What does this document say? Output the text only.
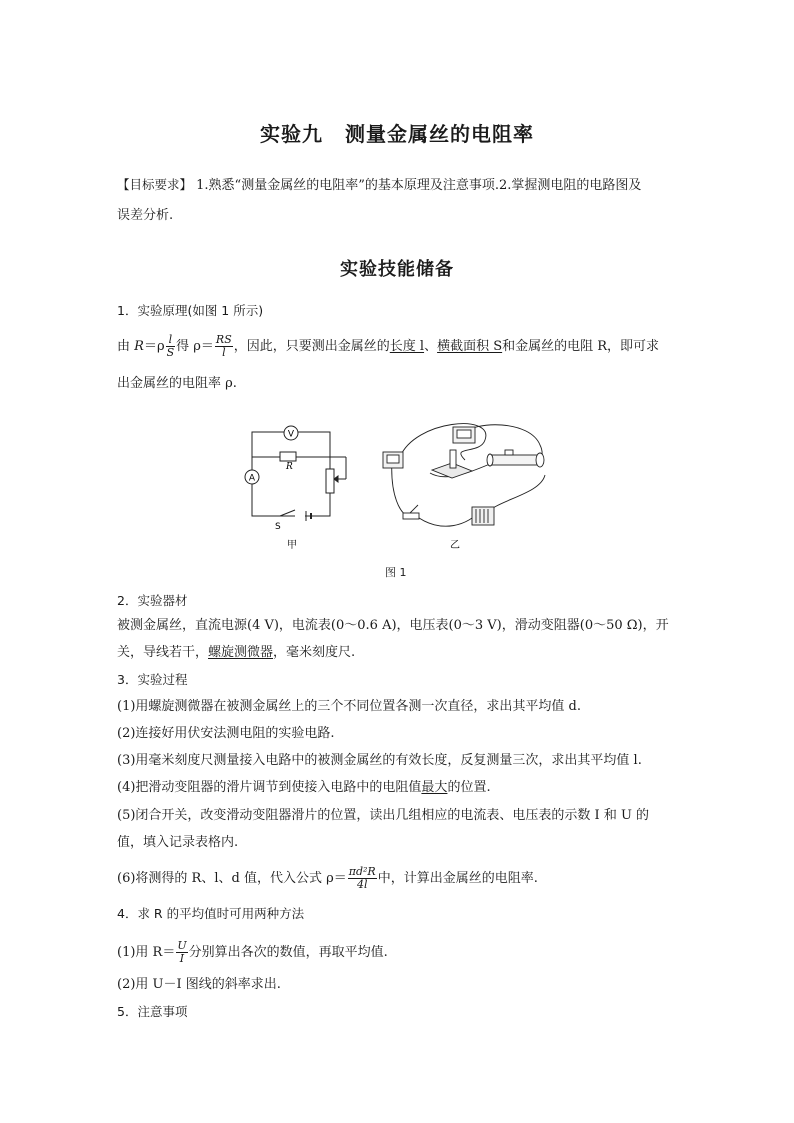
实验九 测量金属丝的电阻率
【目标要求】 1.熟悉“测量金属丝的电阻率”的基本原理及注意事项.2.掌握测电阻的电路图及
误差分析.
实验技能储备
1．实验原理(如图 1 所示)
由 $R=\rho \frac{l}{S}$ 得 $\rho= \frac{RS}{l}$ ，因此，只要测出金属丝的长度 l、横截面积 S和金属丝的电阻 R，即可求
出金属丝的电阻率 ρ.
V
A
R
S
甲	乙
图 1
2．实验器材
被测金属丝，直流电源(4 V)，电流表(0～0.6 A)，电压表(0～3 V)，滑动变阻器(0～50 Ω)，开
关，导线若干，螺旋测微器，毫米刻度尺.
3．实验过程
(1)用螺旋测微器在被测金属丝上的三个不同位置各测一次直径，求出其平均值 d.
(2)连接好用伏安法测电阻的实验电路.
(3)用毫米刻度尺测量接入电路中的被测金属丝的有效长度，反复测量三次，求出其平均值 l.
(4)把滑动变阻器的滑片调节到使接入电路中的电阻值最大的位置.
(5)闭合开关，改变滑动变阻器滑片的位置，读出几组相应的电流表、电压表的示数 I 和 U 的
值，填入记录表格内.
(6)将测得的 R、l、d 值，代入公式 $\rho= \frac{\text{πd²R}}{4l}$ 中，计算出金属丝的电阻率.
4．求 R 的平均值时可用两种方法
(1)用 $R= \frac{U}{I}$ 分别算出各次的数值，再取平均值.
(2)用 U－I 图线的斜率求出.
5．注意事项
